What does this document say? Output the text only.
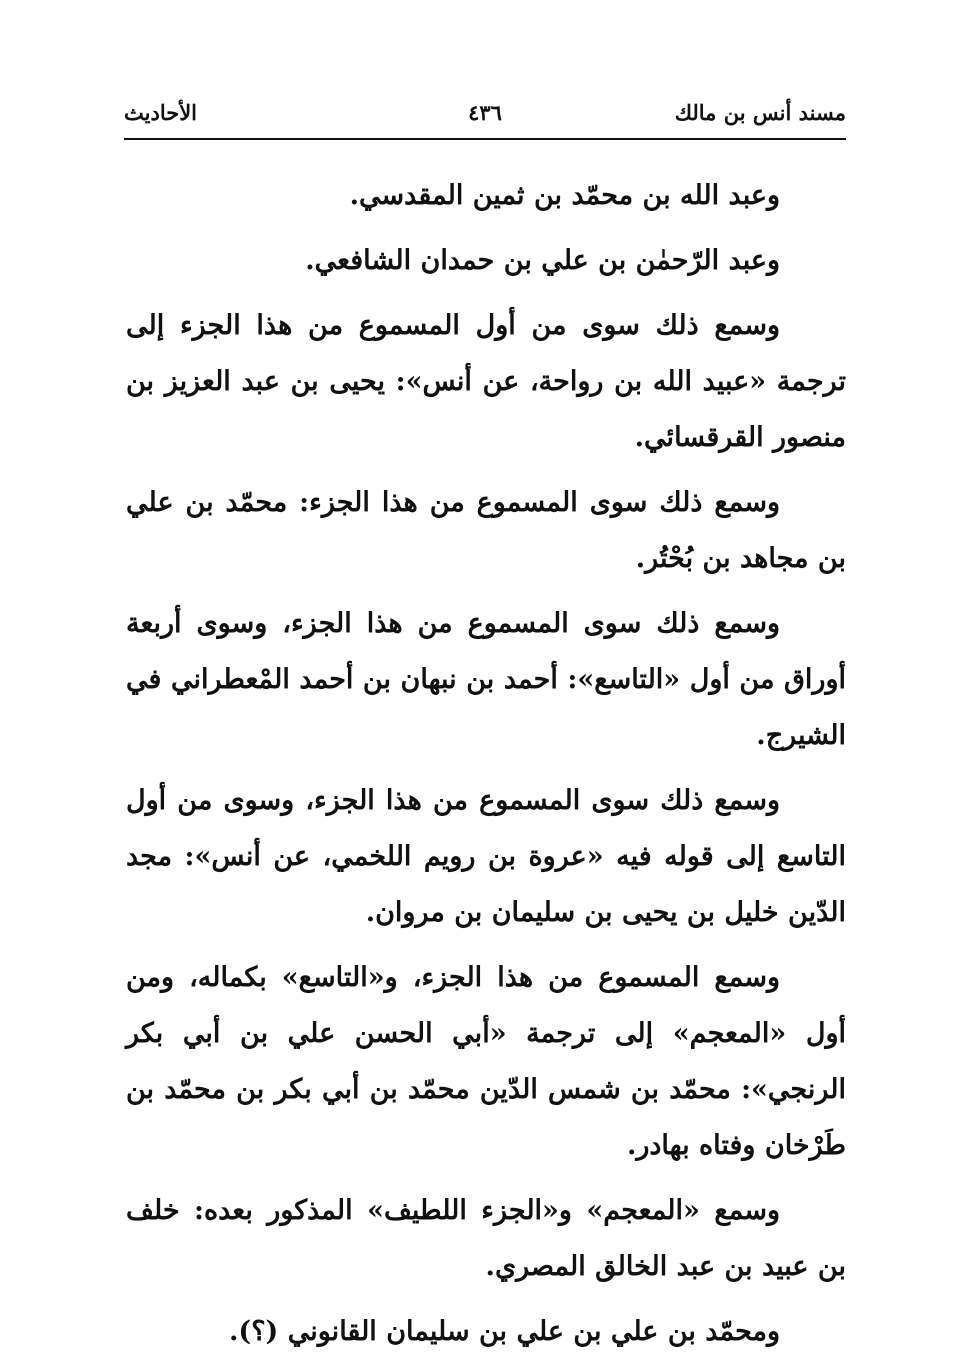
مسند أنس بن مالك
٤٣٦
الأحاديث

وعبد الله بن محمّد بن ثمين المقدسي.

وعبد الرّحمٰن بن علي بن حمدان الشافعي.

وسمع ذلك سوى من أول المسموع من هذا الجزء إلى ترجمة «عبيد الله بن رواحة، عن أنس»: يحيى بن عبد العزيز بن منصور القرقسائي.

وسمع ذلك سوى المسموع من هذا الجزء: محمّد بن علي بن مجاهد بن بُحْتُر.

وسمع ذلك سوى المسموع من هذا الجزء، وسوى أربعة أوراق من أول «التاسع»: أحمد بن نبهان بن أحمد المْعطراني في الشيرج.

وسمع ذلك سوى المسموع من هذا الجزء، وسوى من أول التاسع إلى قوله فيه «عروة بن رويم اللخمي، عن أنس»: مجد الدّين خليل بن يحيى بن سليمان بن مروان.

وسمع المسموع من هذا الجزء، و«التاسع» بكماله، ومن أول «المعجم» إلى ترجمة «أبي الحسن علي بن أبي بكر الرنجي»: محمّد بن شمس الدّين محمّد بن أبي بكر بن محمّد بن طَرْخان وفتاه بهادر.

وسمع «المعجم» و«الجزء اللطيف» المذكور بعده: خلف بن عبيد بن عبد الخالق المصري.

ومحمّد بن علي بن علي بن سليمان القانوني (؟).
